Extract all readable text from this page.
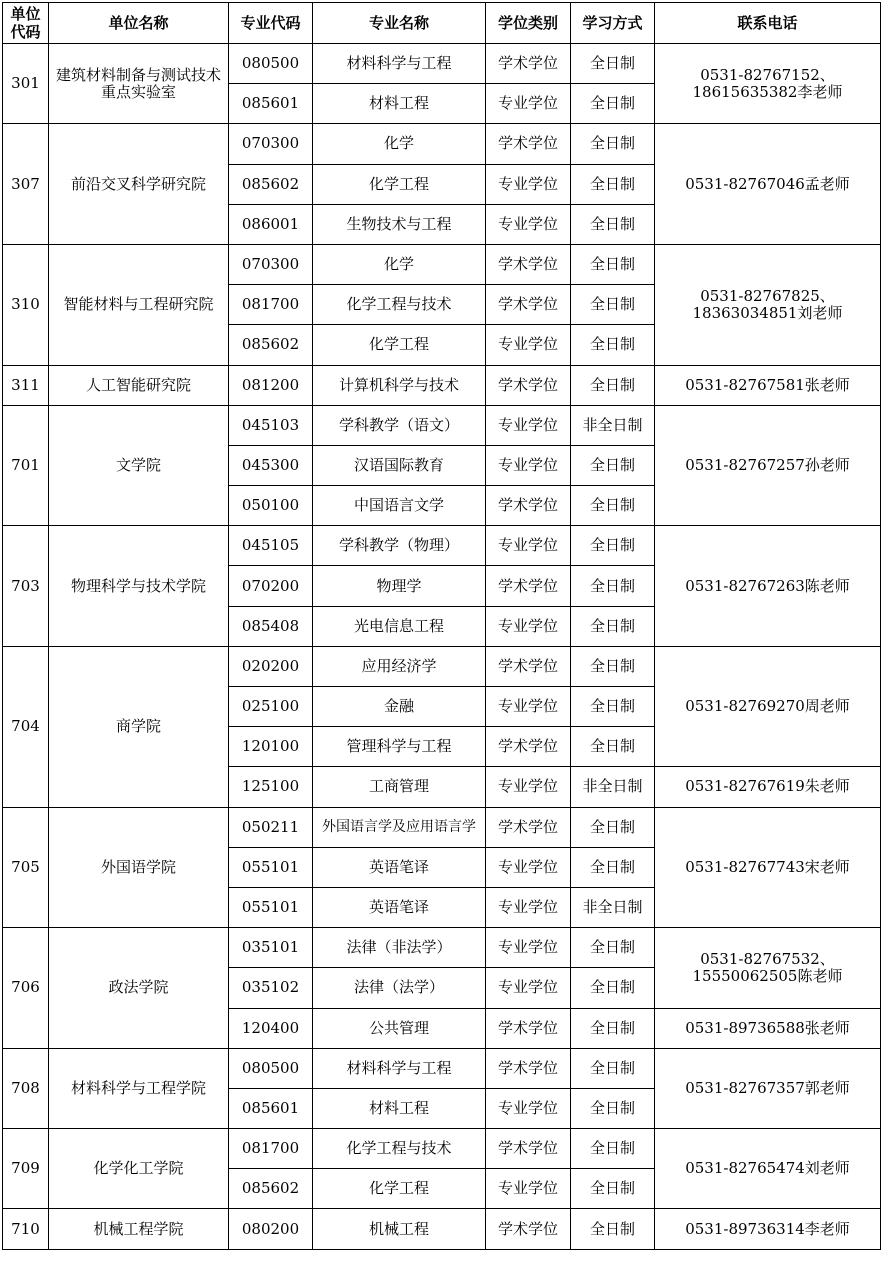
单位代码	单位名称	专业代码	专业名称	学位类别	学习方式	联系电话
301	建筑材料制备与测试技术重点实验室	080500	材料科学与工程	学术学位	全日制	0531-82767152、18615635382李老师
		085601	材料工程	专业学位	全日制	
307	前沿交叉科学研究院	070300	化学	学术学位	全日制	0531-82767046孟老师
		085602	化学工程	专业学位	全日制	
		086001	生物技术与工程	专业学位	全日制	
310	智能材料与工程研究院	070300	化学	学术学位	全日制	0531-82767825、18363034851刘老师
		081700	化学工程与技术	学术学位	全日制	
		085602	化学工程	专业学位	全日制	
311	人工智能研究院	081200	计算机科学与技术	学术学位	全日制	0531-82767581张老师
701	文学院	045103	学科教学（语文）	专业学位	非全日制	0531-82767257孙老师
		045300	汉语国际教育	专业学位	全日制	
		050100	中国语言文学	学术学位	全日制	
703	物理科学与技术学院	045105	学科教学（物理）	专业学位	全日制	0531-82767263陈老师
		070200	物理学	学术学位	全日制	
		085408	光电信息工程	专业学位	全日制	
704	商学院	020200	应用经济学	学术学位	全日制	0531-82769270周老师
		025100	金融	专业学位	全日制	
		120100	管理科学与工程	学术学位	全日制	
		125100	工商管理	专业学位	非全日制	0531-82767619朱老师
705	外国语学院	050211	外国语言学及应用语言学	学术学位	全日制	0531-82767743宋老师
		055101	英语笔译	专业学位	全日制	
		055101	英语笔译	专业学位	非全日制	
706	政法学院	035101	法律（非法学）	专业学位	全日制	0531-82767532、15550062505陈老师
		035102	法律（法学）	专业学位	全日制	
		120400	公共管理	学术学位	全日制	0531-89736588张老师
708	材料科学与工程学院	080500	材料科学与工程	学术学位	全日制	0531-82767357郭老师
		085601	材料工程	专业学位	全日制	
709	化学化工学院	081700	化学工程与技术	学术学位	全日制	0531-82765474刘老师
		085602	化学工程	专业学位	全日制	
710	机械工程学院	080200	机械工程	学术学位	全日制	0531-89736314李老师
